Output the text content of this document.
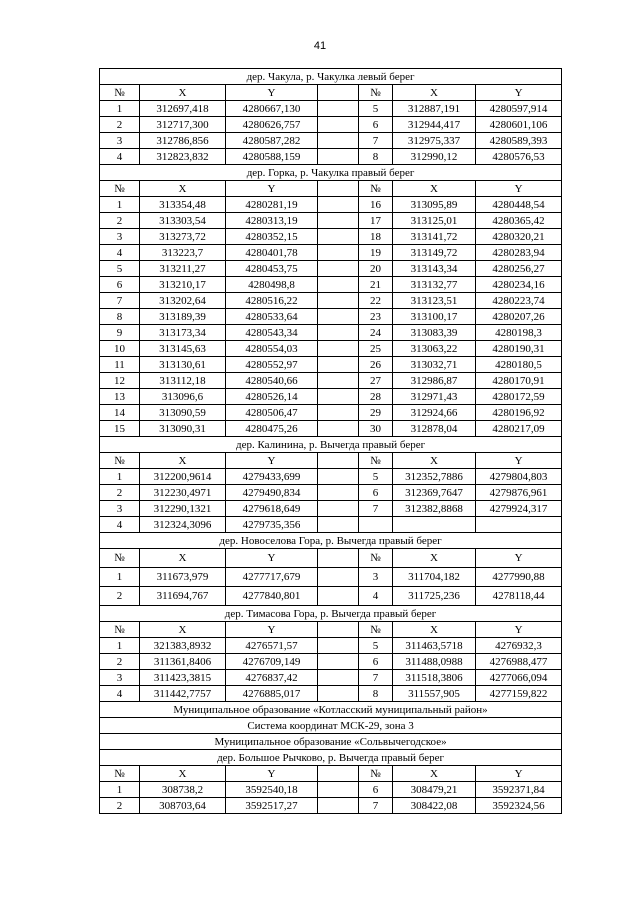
41
дер. Чакула, р. Чакулка левый берег						
№	X	Y		№	X	Y
1	312697,418	4280667,130		5	312887,191	4280597,914
2	312717,300	4280626,757		6	312944,417	4280601,106
3	312786,856	4280587,282		7	312975,337	4280589,393
4	312823,832	4280588,159		8	312990,12	4280576,53
дер. Горка, р. Чакулка правый берег						
№	X	Y		№	X	Y
1	313354,48	4280281,19		16	313095,89	4280448,54
2	313303,54	4280313,19		17	313125,01	4280365,42
3	313273,72	4280352,15		18	313141,72	4280320,21
4	313223,7	4280401,78		19	313149,72	4280283,94
5	313211,27	4280453,75		20	313143,34	4280256,27
6	313210,17	4280498,8		21	313132,77	4280234,16
7	313202,64	4280516,22		22	313123,51	4280223,74
8	313189,39	4280533,64		23	313100,17	4280207,26
9	313173,34	4280543,34		24	313083,39	4280198,3
10	313145,63	4280554,03		25	313063,22	4280190,31
11	313130,61	4280552,97		26	313032,71	4280180,5
12	313112,18	4280540,66		27	312986,87	4280170,91
13	313096,6	4280526,14		28	312971,43	4280172,59
14	313090,59	4280506,47		29	312924,66	4280196,92
15	313090,31	4280475,26		30	312878,04	4280217,09
дер. Калинина, р. Вычегда правый берег						
№	X	Y		№	X	Y
1	312200,9614	4279433,699		5	312352,7886	4279804,803
2	312230,4971	4279490,834		6	312369,7647	4279876,961
3	312290,1321	4279618,649		7	312382,8868	4279924,317
4	312324,3096	4279735,356				
дер. Новоселова Гора, р. Вычегда правый берег						
№	X	Y		№	X	Y
1	311673,979	4277717,679		3	311704,182	4277990,88
2	311694,767	4277840,801		4	311725,236	4278118,44
дер. Тимасова Гора, р. Вычегда правый берег						
№	X	Y		№	X	Y
1	321383,8932	4276571,57		5	311463,5718	4276932,3
2	311361,8406	4276709,149		6	311488,0988	4276988,477
3	311423,3815	4276837,42		7	311518,3806	4277066,094
4	311442,7757	4276885,017		8	311557,905	4277159,822
Муниципальное образование «Котласский муниципальный район»						
Система координат МСК-29, зона 3						
Муниципальное образование «Сольвычегодское»						
дер. Большое Рычково, р. Вычегда правый берег						
№	X	Y		№	X	Y
1	308738,2	3592540,18		6	308479,21	3592371,84
2	308703,64	3592517,27		7	308422,08	3592324,56
